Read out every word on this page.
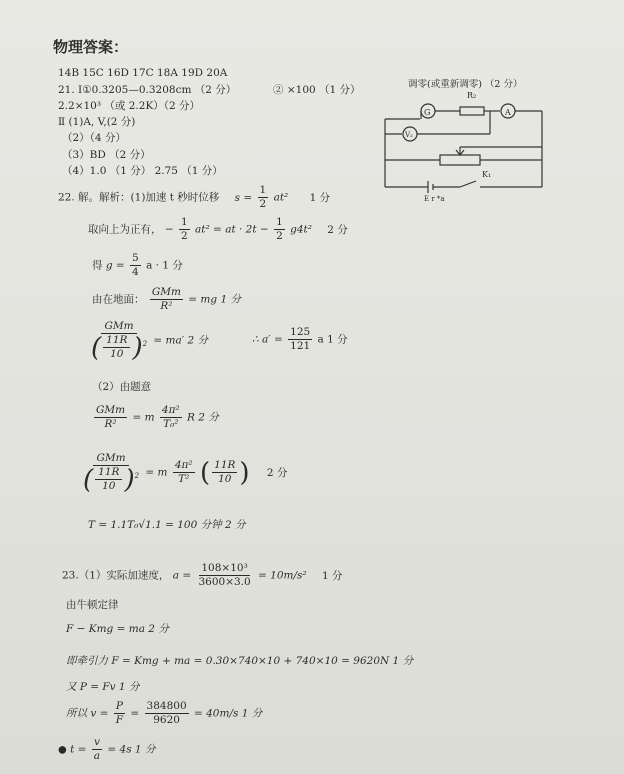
物理答案：
14B 15C 16D 17C 18A 19D 20A
21. Ⅰ①0.3205—0.3208cm （2 分）	② ×100 （1 分）
2.2×10³ （或 2.2K）（2 分）
Ⅱ (1)A, V,(2 分)
（2）（4 分）
（3）BD （2 分）
（4）1.0 （1 分） 2.75 （1 分）
调零(或重新调零) （2 分）
G
R₂
A
V₂
K₁
E r *a
22. 解。解析：(1)加速 t 秒时位移 $s = \frac{1}{2} at^2$ 1 分
取向上为正有， − $\frac{1}{2} at^2$ = at · $2t - \frac{1}{2} g4t^2$ 2 分
得 $g = \frac{5}{4}$ a · 1 分
由在地面： $\frac{\text{GMm}}{\text{R²}}$ = mg 1 分
GMm
( $\frac{11R}{10} )^2 = ma'$ 2 分	∴ $a' = \frac{125}{121}$ a 1 分
（2）由题意
$\frac{\text{GMm}}{\text{R²}} = m \frac{\text{4π²}}{\text{T₀²}}$ R 2 分
GMm
( $\frac{11R}{10} )^2 = m \frac{\text{4π²}}{\text{T²}}$ ( $\frac{11R}{10}$ ) 2 分
T = 1.1T₀√1.1 = 100 分钟 2 分
23.（1）实际加速度， $a = \frac{\text{108×10³}}{3600\times 3.0} = 10m/s^2$ 1 分
由牛顿定律
F − Kmg = ma 2 分
即牵引力 F = Kmg + ma = 0.30×740×10 + 740×10 = 9620N 1 分
又 P = Fv 1 分
所以 $v = \frac{P}{F} = \frac{384800}{9620} = 40m/s$ 1 分
● $t = \frac{v}{a} = 4s$ 1 分
